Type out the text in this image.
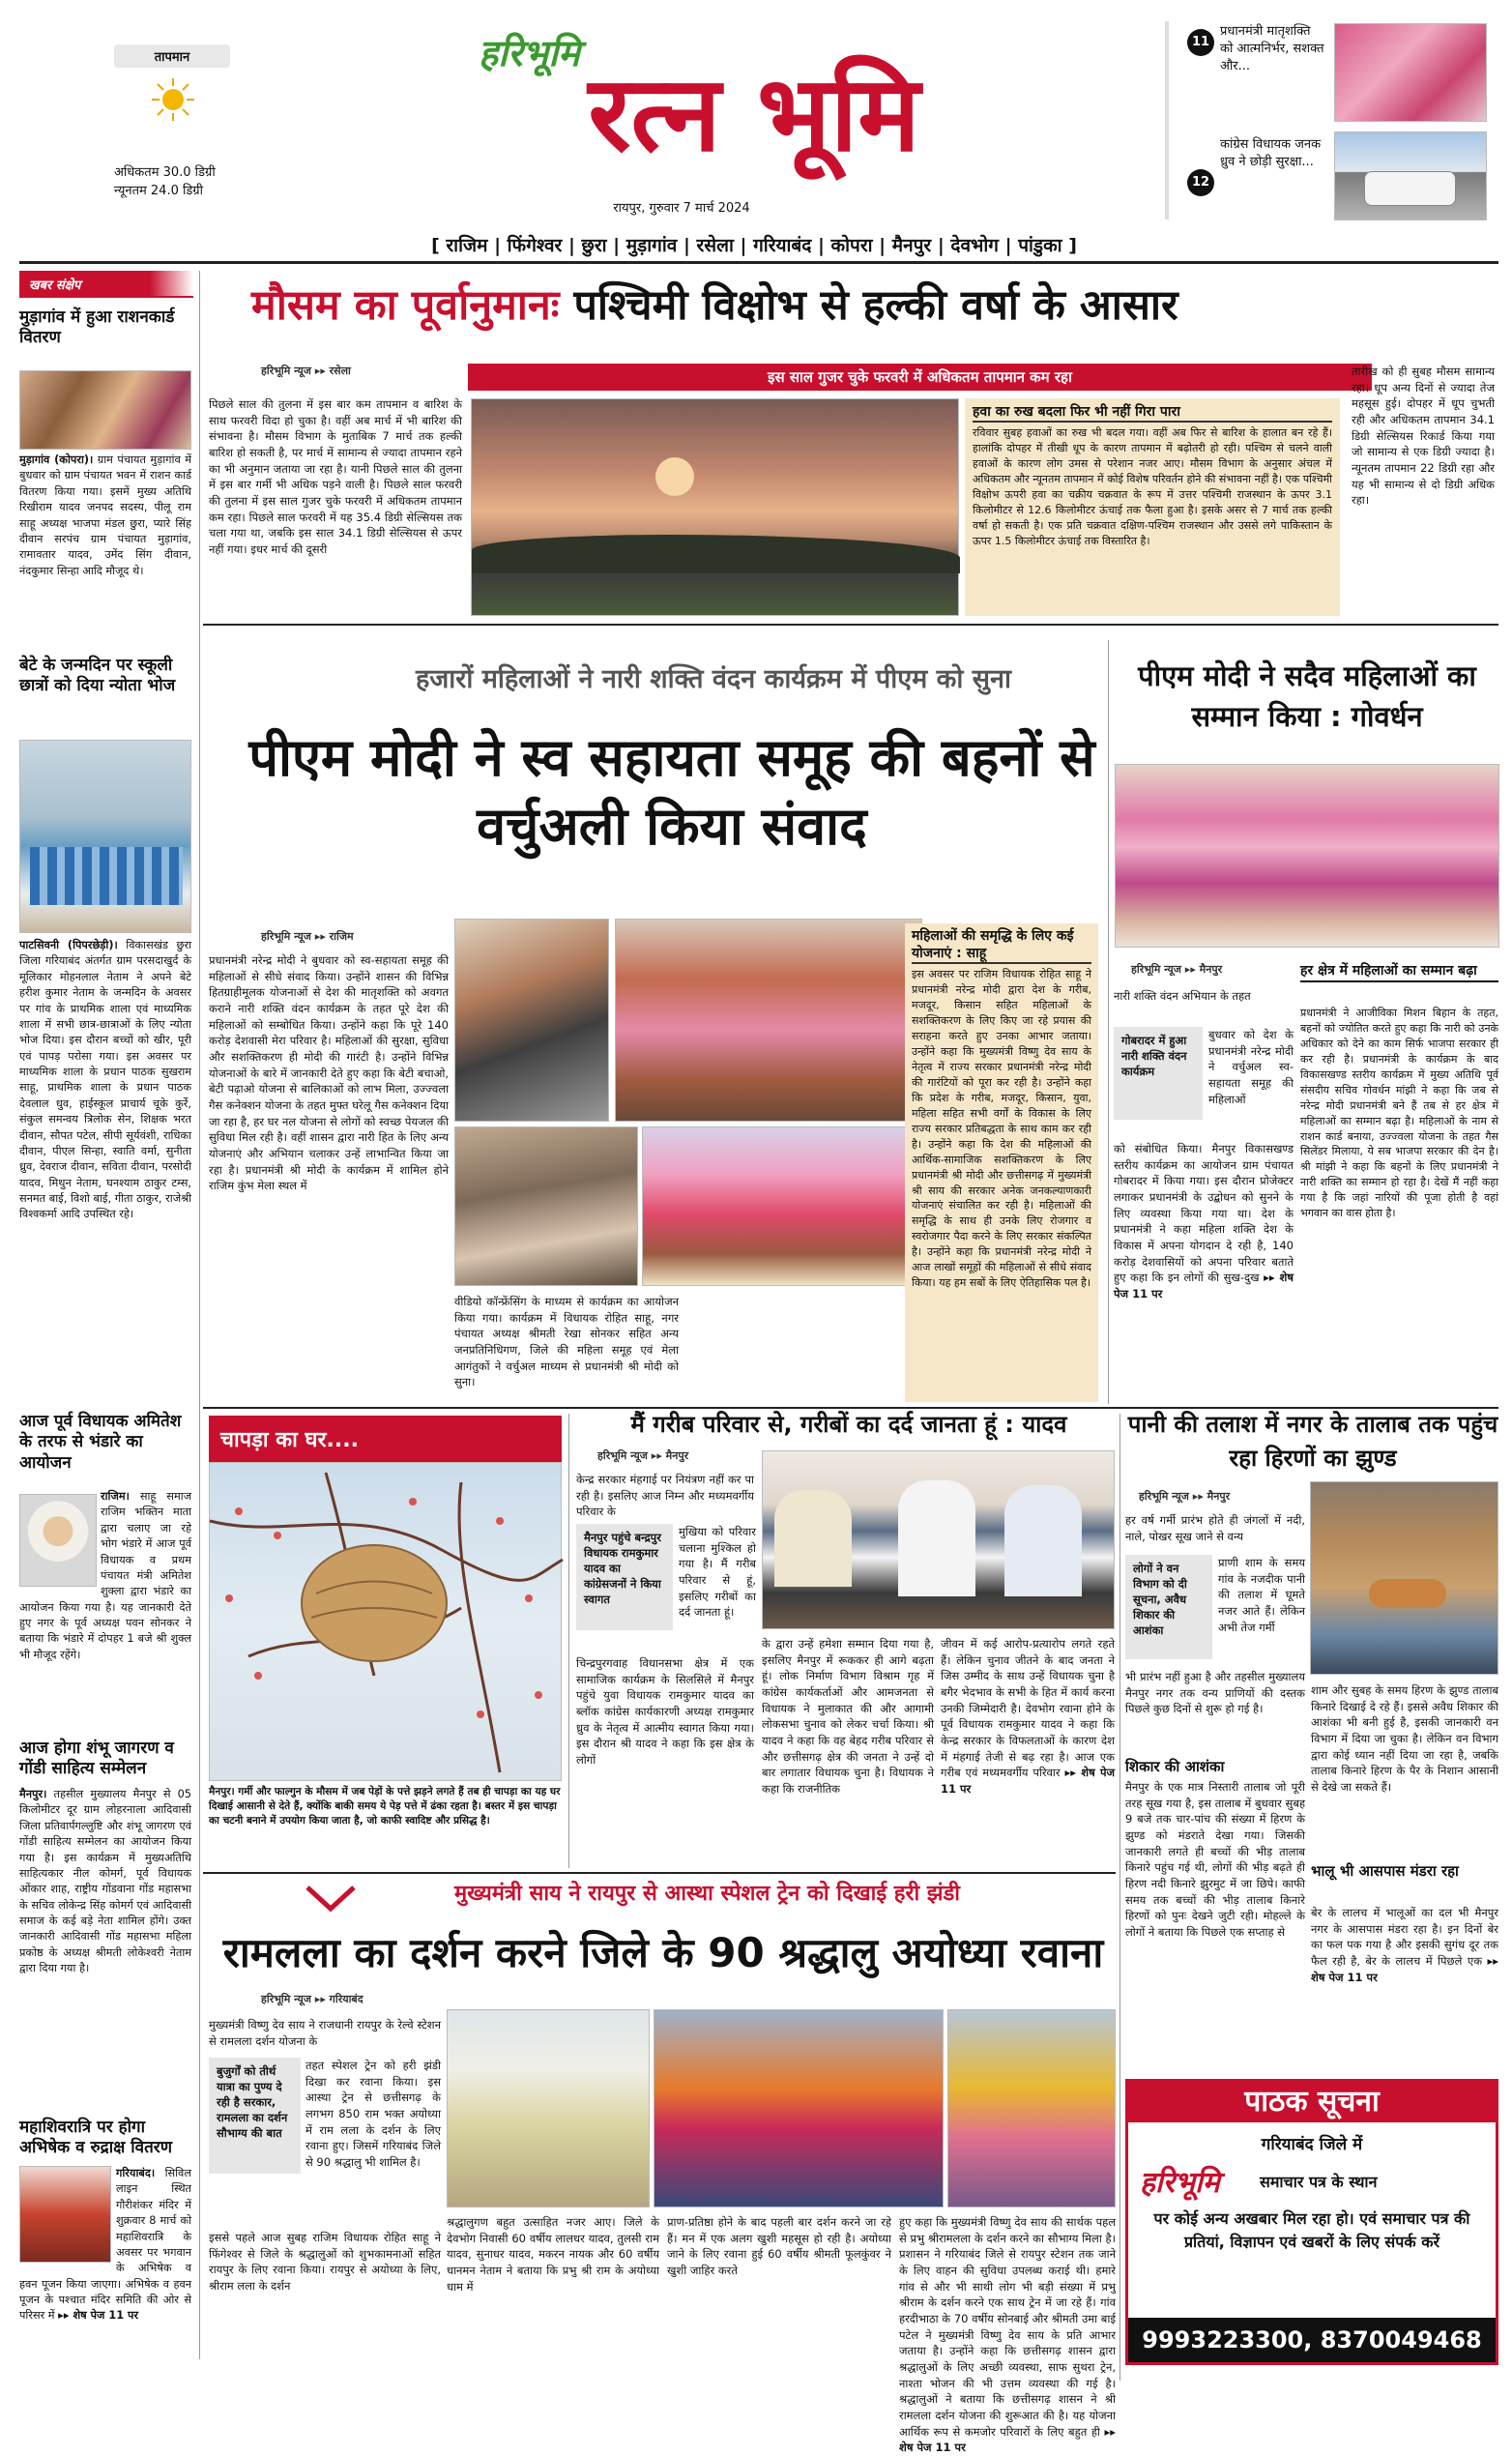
तापमान
अधिकतम 30.0 डिग्री
न्यूनतम 24.0 डिग्री
हरिभूमि
रत्न भूमि
रायपुर, गुरुवार 7 मार्च 2024
11
प्रधानमंत्री मातृशक्ति को आत्मनिर्भर, सशक्त और...
12
कांग्रेस विधायक जनक ध्रुव ने छोड़ी सुरक्षा...
[ राजिम | फिंगेश्वर | छुरा | मुड़ागांव | रसेला | गरियाबंद | कोपरा | मैनपुर | देवभोग | पांडुका ]
खबर संक्षेप
मुड़ागांव में हुआ राशनकार्ड वितरण
मुड़ागांव (कोपरा)। ग्राम पंचायत मुड़ागांव में बुधवार को ग्राम पंचायत भवन में राशन कार्ड वितरण किया गया। इसमें मुख्य अतिथि रिखीराम यादव जनपद सदस्य, पीलू राम साहू अध्यक्ष भाजपा मंडल छुरा, प्यारे सिंह दीवान सरपंच ग्राम पंचायत मुड़ागांव, रामावतार यादव, उमेंद सिंग दीवान, नंदकुमार सिन्हा आदि मौजूद थे।
बेटे के जन्मदिन पर स्कूली छात्रों को दिया न्योता भोज
पाटसिवनी (पिपरछेड़ी)। विकासखंड छुरा जिला गरियाबंद अंतर्गत ग्राम परसदाखुर्द के मूलिकार मोहनलाल नेताम ने अपने बेटे हरीश कुमार नेताम के जन्मदिन के अवसर पर गांव के प्राथमिक शाला एवं माध्यमिक शाला में सभी छात्र-छात्राओं के लिए न्योता भोज दिया। इस दौरान बच्चों को खीर, पूरी एवं पापड़ परोसा गया। इस अवसर पर माध्यमिक शाला के प्रधान पाठक सुखराम साहू, प्राथमिक शाला के प्रधान पाठक देवलाल धुव, हाईस्कूल प्राचार्य चूके कुर्रे, संकुल समन्वय त्रिलोक सेन, शिक्षक भरत दीवान, सौपत पटेल, सीपी सूर्यवंशी, राधिका दीवान, पीएल सिन्हा, स्वाति वर्मा, सुनीता ध्रुव, देवराज दीवान, सविता दीवान, परसोदी यादव, मिथुन नेताम, घनश्याम ठाकुर टम्स, सनमत बाई, विशो बाई, गीता ठाकुर, राजेश्री विश्वकर्मा आदि उपस्थित रहे।
आज पूर्व विधायक अमितेश के तरफ से भंडारे का आयोजन
राजिम। साहू समाज राजिम भक्तिन माता द्वारा चलाए जा रहे भोग भंडारे में आज पूर्व विधायक व प्रथम पंचायत मंत्री अमितेश शुक्ला द्वारा भंडारे का आयोजन किया गया है। यह जानकारी देते हुए नगर के पूर्व अध्यक्ष पवन सोनकर ने बताया कि भंडारे में दोपहर 1 बजे श्री शुक्ल भी मौजूद रहेंगे।
आज होगा शंभू जागरण व गोंडी साहित्य सम्मेलन
मैनपुर। तहसील मुख्यालय मैनपुर से 05 किलोमीटर दूर ग्राम लोहरनाला आदिवासी जिला प्रतिवार्पगल्लुष्टि और शंभू जागरण एवं गोंडी साहित्य सम्मेलन का आयोजन किया गया है। इस कार्यक्रम में मुख्यअतिथि साहित्यकार नील कोमर्ग, पूर्व विधायक ओंकार शाह, राष्ट्रीय गोंडवाना गोंड महासभा के सचिव लोकेन्द्र सिंह कोमर्ग एवं आदिवासी समाज के कई बड़े नेता शामिल होंगे। उक्त जानकारी आदिवासी गोंड महासभा महिला प्रकोष्ठ के अध्यक्ष श्रीमती लोकेश्वरी नेताम द्वारा दिया गया है।
महाशिवरात्रि पर होगा अभिषेक व रुद्राक्ष वितरण
गरियाबंद। सिविल लाइन स्थित गौरीशंकर मंदिर में शुक्रवार 8 मार्च को महाशिवरात्रि के अवसर पर भगवान के अभिषेक व हवन पूजन किया जाएगा। अभिषेक व हवन पूजन के पश्चात मंदिर समिति की ओर से परिसर में ▸▸ शेष पेज 11 पर
मौसम का पूर्वानुमानः पश्चिमी विक्षोभ से हल्की वर्षा के आसार
हरिभूमि न्यूज ▸▸ रसेला	इस साल गुजर चुके फरवरी में अधिकतम तापमान कम रहा
पिछले साल की तुलना में इस बार कम तापमान व बारिश के साथ फरवरी विदा हो चुका है। वहीं अब मार्च में भी बारिश की संभावना है। मौसम विभाग के मुताबिक 7 मार्च तक हल्की बारिश हो सकती है, पर मार्च में सामान्य से ज्यादा तापमान रहने का भी अनुमान जताया जा रहा है। यानी पिछले साल की तुलना में इस बार गर्मी भी अधिक पड़ने वाली है। पिछले साल फरवरी की तुलना में इस साल गुजर चुके फरवरी में अधिकतम तापमान कम रहा। पिछले साल फरवरी में यह 35.4 डिग्री सेल्सियस तक चला गया था, जबकि इस साल 34.1 डिग्री सेल्सियस से ऊपर नहीं गया। इधर मार्च की दूसरी
हवा का रुख बदला फिर भी नहीं गिरा पारा
रविवार सुबह हवाओं का रुख भी बदल गया। वहीं अब फिर से बारिश के हालात बन रहे हैं। हालांकि दोपहर में तीखी धूप के कारण तापमान में बढ़ोतरी हो रही। पश्चिम से चलने वाली हवाओं के कारण लोग उमस से परेशान नजर आए। मौसम विभाग के अनुसार अंचल में अधिकतम और न्यूनतम तापमान में कोई विशेष परिवर्तन होने की संभावना नहीं है। एक पश्चिमी विक्षोभ ऊपरी हवा का चक्रीय चक्रवात के रूप में उत्तर पश्चिमी राजस्थान के ऊपर 3.1 किलोमीटर से 12.6 किलोमीटर ऊंचाई तक फैला हुआ है। इसके असर से 7 मार्च तक हल्की वर्षा हो सकती है। एक प्रति चक्रवात दक्षिण-पश्चिम राजस्थान और उससे लगे पाकिस्तान के ऊपर 1.5 किलोमीटर ऊंचाई तक विस्तारित है।
तारीख को ही सुबह मौसम सामान्य रहा। धूप अन्य दिनों से ज्यादा तेज महसूस हुई। दोपहर में धूप चुभती रही और अधिकतम तापमान 34.1 डिग्री सेल्सियस रिकार्ड किया गया जो सामान्य से एक डिग्री ज्यादा है। न्यूनतम तापमान 22 डिग्री रहा और यह भी सामान्य से दो डिग्री अधिक रहा।
हजारों महिलाओं ने नारी शक्ति वंदन कार्यक्रम में पीएम को सुना
पीएम मोदी ने स्व सहायता समूह की बहनों से वर्चुअली किया संवाद
हरिभूमि न्यूज ▸▸ राजिम
प्रधानमंत्री नरेन्द्र मोदी ने बुधवार को स्व-सहायता समूह की महिलाओं से सीधे संवाद किया। उन्होंने शासन की विभिन्न हितग्राहीमूलक योजनाओं से देश की मातृशक्ति को अवगत कराने नारी शक्ति वंदन कार्यक्रम के तहत पूरे देश की महिलाओं को सम्बोधित किया। उन्होंने कहा कि पूरे 140 करोड़ देशवासी मेरा परिवार है। महिलाओं की सुरक्षा, सुविधा और सशक्तिकरण ही मोदी की गारंटी है। उन्होंने विभिन्न योजनाओं के बारे में जानकारी देते हुए कहा कि बेटी बचाओ, बेटी पढ़ाओ योजना से बालिकाओं को लाभ मिला, उज्ज्वला गैस कनेक्शन योजना के तहत मुफ्त घरेलू गैस कनेक्शन दिया जा रहा है, हर घर नल योजना से लोगों को स्वच्छ पेयजल की सुविधा मिल रही है। वहीं शासन द्वारा नारी हित के लिए अन्य योजनाएं और अभियान चलाकर उन्हें लाभान्वित किया जा रहा है। प्रधानमंत्री श्री मोदी के कार्यक्रम में शामिल होने राजिम कुंभ मेला स्थल में
वीडियो कॉन्फ्रेंसिंग के माध्यम से कार्यक्रम का आयोजन किया गया। कार्यक्रम में विधायक रोहित साहू, नगर पंचायत अध्यक्ष श्रीमती रेखा सोनकर सहित अन्य जनप्रतिनिधिगण, जिले की महिला समूह एवं मेला आगंतुकों ने वर्चुअल माध्यम से प्रधानमंत्री श्री मोदी को सुना।
महिलाओं की समृद्धि के लिए कई योजनाएं : साहू
इस अवसर पर राजिम विधायक रोहित साहू ने प्रधानमंत्री नरेन्द्र मोदी द्वारा देश के गरीब, मजदूर, किसान सहित महिलाओं के सशक्तिकरण के लिए किए जा रहे प्रयास की सराहना करते हुए उनका आभार जताया। उन्होंने कहा कि मुख्यमंत्री विष्णु देव साय के नेतृत्व में राज्य सरकार प्रधानमंत्री नरेन्द्र मोदी की गारंटियों को पूरा कर रही है। उन्होंने कहा कि प्रदेश के गरीब, मजदूर, किसान, युवा, महिला सहित सभी वर्गों के विकास के लिए राज्य सरकार प्रतिबद्धता के साथ काम कर रही है। उन्होंने कहा कि देश की महिलाओं की आर्थिक-सामाजिक सशक्तिकरण के लिए प्रधानमंत्री श्री मोदी और छत्तीसगढ़ में मुख्यमंत्री श्री साय की सरकार अनेक जनकल्याणकारी योजनाएं संचालित कर रही है। महिलाओं की समृद्धि के साथ ही उनके लिए रोजगार व स्वरोजगार पैदा करने के लिए सरकार संकल्पित है। उन्होंने कहा कि प्रधानमंत्री नरेन्द्र मोदी ने आज लाखों समूहों की महिलाओं से सीधे संवाद किया। यह हम सबों के लिए ऐतिहासिक पल है।
पीएम मोदी ने सदैव महिलाओं का सम्मान किया : गोवर्धन
हरिभूमि न्यूज ▸▸ मैनपुर
नारी शक्ति वंदन अभियान के तहत
गोबरादर में हुआ नारी शक्ति वंदन कार्यक्रम
बुधवार को देश के प्रधानमंत्री नरेन्द्र मोदी ने वर्चुअल स्व-सहायता समूह की महिलाओं
को संबोधित किया। मैनपुर विकासखण्ड स्तरीय कार्यक्रम का आयोजन ग्राम पंचायत गोबरादर में किया गया। इस दौरान प्रोजेक्टर लगाकर प्रधानमंत्री के उद्बोधन को सुनने के लिए व्यवस्था किया गया था। देश के प्रधानमंत्री ने कहा महिला शक्ति देश के विकास में अपना योगदान दे रही है, 140 करोड़ देशवासियों को अपना परिवार बताते हुए कहा कि इन लोगों की सुख-दुख ▸▸ शेष पेज 11 पर
हर क्षेत्र में महिलाओं का सम्मान बढ़ा
प्रधानमंत्री ने आजीविका मिशन बिहान के तहत, बहनों को ज्योतित करते हुए कहा कि नारी को उनके अधिकार को देने का काम सिर्फ भाजपा सरकार ही कर रही है। प्रधानमंत्री के कार्यक्रम के बाद विकासखण्ड स्तरीय कार्यक्रम में मुख्य अतिथि पूर्व संसदीय सचिव गोवर्धन मांझी ने कहा कि जब से नरेन्द्र मोदी प्रधानमंत्री बने हैं तब से हर क्षेत्र में महिलाओं का सम्मान बढ़ा है। महिलाओं के नाम से राशन कार्ड बनाया, उज्ज्वला योजना के तहत गैस सिलेंडर मिलाया, ये सब भाजपा सरकार की देन है। श्री मांझी ने कहा कि बहनों के लिए प्रधानमंत्री ने नारी शक्ति का सम्मान हो रहा है। देखें मैं नहीं कहा गया है कि जहां नारियों की पूजा होती है वहां भगवान का वास होता है।
चापड़ा का घर....
मैनपुर। गर्मी और फाल्गुन के मौसम में जब पेड़ों के पत्ते झड़ने लगते हैं तब ही चापड़ा का यह घर दिखाई आसानी से देते हैं, क्योंकि बाकी समय ये पेड़ पत्ते में ढंका रहता है। बस्तर में इस चापड़ा का चटनी बनाने में उपयोग किया जाता है, जो काफी स्वादिष्ट और प्रसिद्ध है।
मैं गरीब परिवार से, गरीबों का दर्द जानता हूं : यादव
हरिभूमि न्यूज ▸▸ मैनपुर
केन्द्र सरकार मंहगाई पर नियंत्रण नहीं कर पा रही है। इसलिए आज निम्न और मध्यमवर्गीय परिवार के
मैनपुर पहुंचे बन्द्रपुर विधायक रामकुमार यादव का कांग्रेसजनों ने किया स्वागत
मुखिया को परिवार चलाना मुश्किल हो गया है। मैं गरीब परिवार से हूं, इसलिए गरीबों का दर्द जानता हूं।
चिन्द्रपुरगवाह विधानसभा क्षेत्र में एक सामाजिक कार्यक्रम के सिलसिले में मैनपुर पहुंचे युवा विधायक रामकुमार यादव का ब्लॉक कांग्रेस कार्यकारणी अध्यक्ष रामकुमार ध्रुव के नेतृत्व में आत्मीय स्वागत किया गया। इस दौरान श्री यादव ने कहा कि इस क्षेत्र के लोगों
के द्वारा उन्हें हमेशा सम्मान दिया गया है, इसलिए मैनपुर में रूककर ही आगे बढ़ता हूं। लोक निर्माण विभाग विश्राम गृह में कांग्रेस कार्यकर्ताओं और आमजनता से विधायक ने मुलाकात की और आगामी लोकसभा चुनाव को लेकर चर्चा किया। श्री यादव ने कहा कि वह बेहद गरीब परिवार से और छत्तीसगढ़ क्षेत्र की जनता ने उन्हें दो बार लगातार विधायक चुना है। विधायक ने कहा कि राजनीतिक
जीवन में कई आरोप-प्रत्यारोप लगते रहते हैं। लेकिन चुनाव जीतने के बाद जनता ने जिस उम्मीद के साथ उन्हें विधायक चुना है बगैर भेदभाव के सभी के हित में कार्य करना उनकी जिम्मेदारी है। देवभोग रवाना होने के पूर्व विधायक रामकुमार यादव ने कहा कि केन्द्र सरकार के विफलताओं के कारण देश में मंहगाई तेजी से बढ़ रहा है। आज एक गरीब एवं मध्यमवर्गीय परिवार ▸▸ शेष पेज 11 पर
पानी की तलाश में नगर के तालाब तक पहुंच रहा हिरणों का झुण्ड
हरिभूमि न्यूज ▸▸ मैनपुर
हर वर्ष गर्मी प्रारंभ होते ही जंगलों में नदी, नाले, पोखर सूख जाने से वन्य
लोगों ने वन विभाग को दी सूचना, अवैध शिकार की आशंका
प्राणी शाम के समय गांव के नजदीक पानी की तलाश में घूमते नजर आते हैं। लेकिन अभी तेज गर्मी
भी प्रारंभ नहीं हुआ है और तहसील मुख्यालय मैनपुर नगर तक वन्य प्राणियों की दस्तक पिछले कुछ दिनों से शुरू हो गई है।
शिकार की आशंका
मैनपुर के एक मात्र निस्तारी तालाब जो पूरी तरह सूख गया है, इस तालाब में बुधवार सुबह 9 बजे तक चार-पांच की संख्या में हिरण के झुण्ड को मंडराते देखा गया। जिसकी जानकारी लगते ही बच्चों की भीड़ तालाब किनारे पहुंच गई थी, लोगों की भीड़ बढ़ते ही हिरण नदी किनारे झुरमुट में जा छिपे। काफी समय तक बच्चों की भीड़ तालाब किनारे हिरणों को पुनः देखने जुटी रही। मोहल्ले के लोगों ने बताया कि पिछले एक सप्ताह से
शाम और सुबह के समय हिरण के झुण्ड तालाब किनारे दिखाई दे रहे हैं। इससे अवैध शिकार की आशंका भी बनी हुई है, इसकी जानकारी वन विभाग में दिया जा चुका है। लेकिन वन विभाग द्वारा कोई ध्यान नहीं दिया जा रहा है, जबकि तालाब किनारे हिरण के पैर के निशान आसानी से देखे जा सकते हैं।
भालू भी आसपास मंडरा रहा
बेर के लालच में भालूओं का दल भी मैनपुर नगर के आसपास मंडरा रहा है। इन दिनों बेर का फल पक गया है और इसकी सुगंध दूर तक फैल रही है, बेर के लालच में पिछले एक ▸▸ शेष पेज 11 पर
मुख्यमंत्री साय ने रायपुर से आस्था स्पेशल ट्रेन को दिखाई हरी झंडी
रामलला का दर्शन करने जिले के 90 श्रद्धालु अयोध्या रवाना
हरिभूमि न्यूज ▸▸ गरियाबंद
मुख्यमंत्री विष्णु देव साय ने राजधानी रायपुर के रेल्वे स्टेशन से रामलला दर्शन योजना के
बुजुर्गों को तीर्थ यात्रा का पुण्य दे रही है सरकार, रामलला का दर्शन सौभाग्य की बात
तहत स्पेशल ट्रेन को हरी झंडी दिखा कर रवाना किया। इस आस्था ट्रेन से छत्तीसगढ़ के लगभग 850 राम भक्त अयोध्या में राम लला के दर्शन के लिए रवाना हुए। जिसमें गरियाबंद जिले से 90 श्रद्धालु भी शामिल है।
इससे पहले आज सुबह राजिम विधायक रोहित साहू ने फिंगेश्वर से जिले के श्रद्धालुओं को शुभकामनाओं सहित रायपुर के लिए रवाना किया। रायपुर से अयोध्या के लिए, श्रीराम लला के दर्शन
श्रद्धालुगण बहुत उत्साहित नजर आए। जिले के देवभोग निवासी 60 वर्षीय लालधर यादव, तुलसी राम यादव, सुनाधर यादव, मकरन नायक और 60 वर्षीय धानमन नेताम ने बताया कि प्रभु श्री राम के अयोध्या धाम में
प्राण-प्रतिष्ठा होने के बाद पहली बार दर्शन करने जा रहे हैं। मन में एक अलग खुशी महसूस हो रही है। अयोध्या जाने के लिए रवाना हुई 60 वर्षीय श्रीमती फूलकुंवर ने खुशी जाहिर करते
हुए कहा कि मुख्यमंत्री विष्णु देव साय की सार्थक पहल से प्रभु श्रीरामलला के दर्शन करने का सौभाग्य मिला है। प्रशासन ने गरियाबंद जिले से रायपुर स्टेशन तक जाने के लिए वाहन की सुविधा उपलब्ध कराई थी। हमारे गांव से और भी साथी लोग भी बड़ी संख्या में प्रभु श्रीराम के दर्शन करने एक साथ ट्रेन में जा रहे हैं। गांव हरदीभाठा के 70 वर्षीय सोनबाई और श्रीमती उमा बाई पटेल ने मुख्यमंत्री विष्णु देव साय के प्रति आभार जताया है। उन्होंने कहा कि छत्तीसगढ़ शासन द्वारा श्रद्धालुओं के लिए अच्छी व्यवस्था, साफ सुथरा ट्रेन, नाश्ता भोजन की भी उत्तम व्यवस्था की गई है। श्रद्धालुओं ने बताया कि छत्तीसगढ़ शासन ने श्री रामलला दर्शन योजना की शुरूआत की है। यह योजना आर्थिक रूप से कमजोर परिवारों के लिए बहुत ही ▸▸ शेष पेज 11 पर
पाठक सूचना
गरियाबंद जिले में
हरिभूमि	समाचार पत्र के स्थान
पर कोई अन्य अखबार मिल रहा हो। एवं समाचार पत्र की प्रतियां, विज्ञापन एवं खबरों के लिए संपर्क करें
9993223300, 8370049468
